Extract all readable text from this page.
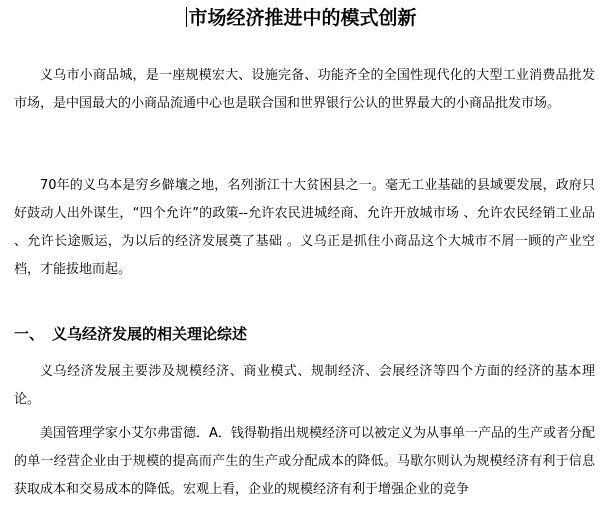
市场经济推进中的模式创新

义乌市小商品城，是一座规模宏大、设施完备、功能齐全的全国性现代化的大型工业消费品批发市场，是中国最大的小商品流通中心也是联合国和世界银行公认的世界最大的小商品批发市场。

70年的义乌本是穷乡僻壤之地，名列浙江十大贫困县之一。毫无工业基础的县域要发展，政府只好鼓动人出外谋生，“四个允许”的政策--允许农民进城经商、允许开放城市场 、允许农民经销工业品 、允许长途贩运，为以后的经济发展奠了基础 。义乌正是抓住小商品这个大城市不屑一顾的产业空档，才能拔地而起。

一、 义乌经济发展的相关理论综述

义乌经济发展主要涉及规模经济、商业模式、规制经济、会展经济等四个方面的经济的基本理论。

美国管理学家小艾尔弗雷德．A．钱得勒指出规模经济可以被定义为从事单一产品的生产或者分配的单一经营企业由于规模的提高而产生的生产或分配成本的降低。马歇尔则认为规模经济有利于信息获取成本和交易成本的降低。宏观上看，企业的规模经济有利于增强企业的竞争
